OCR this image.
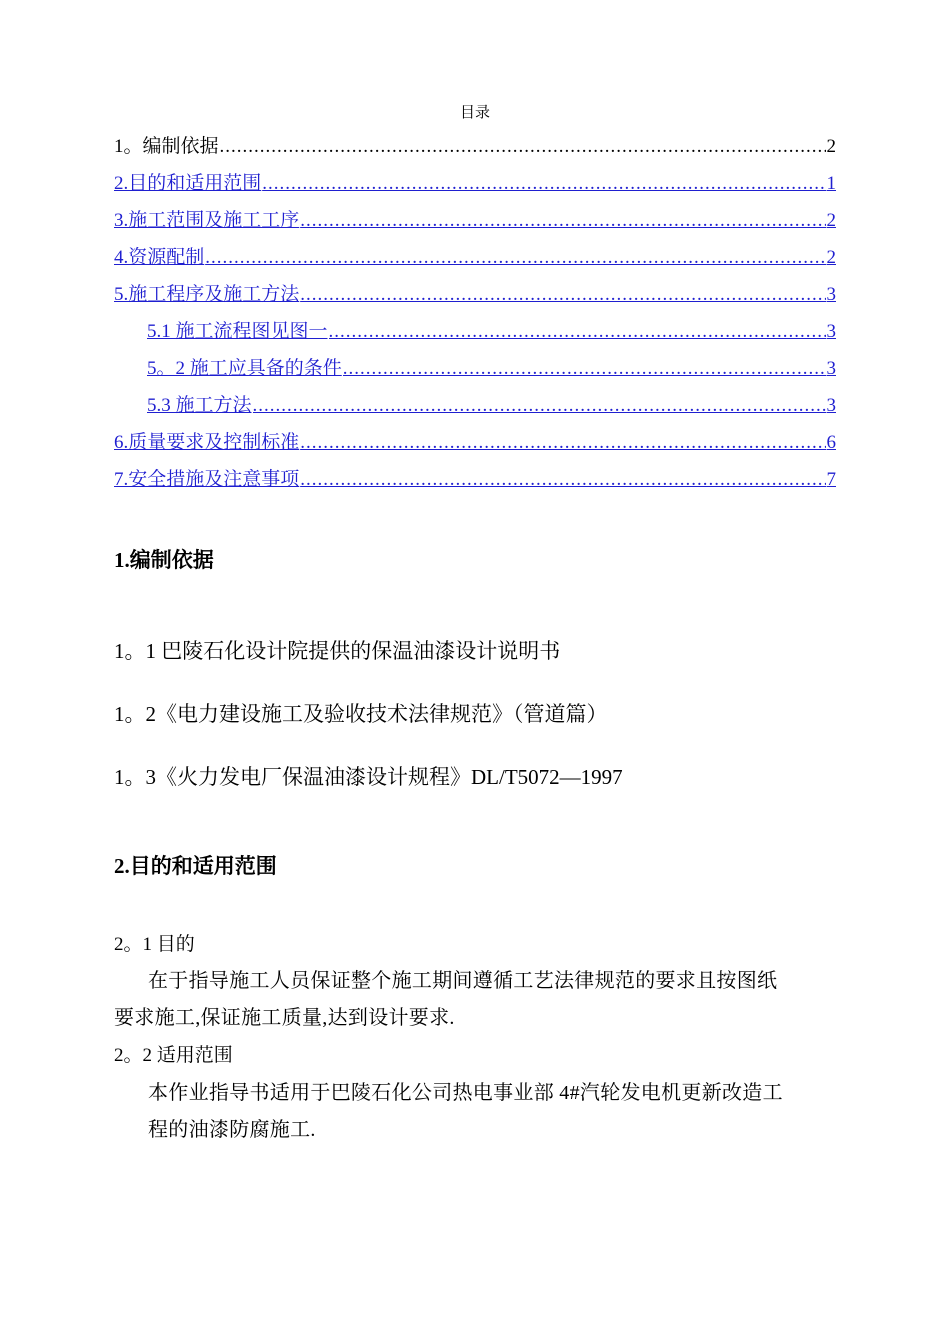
目录
1。编制依据 .....	2
2.目的和适用范围 .....	1
3.施工范围及施工工序 .....	2
4.资源配制 .....	2
5.施工程序及施工方法 .....	3
5.1 施工流程图见图一 .....	3
5。2 施工应具备的条件 .....	3
5.3 施工方法 .....	3
6.质量要求及控制标准 .....	6
7.安全措施及注意事项 .....	7
1.编制依据
1。1 巴陵石化设计院提供的保温油漆设计说明书
1。2《电力建设施工及验收技术法律规范》（管道篇）
1。3《火力发电厂保温油漆设计规程》DL/T5072—1997
2.目的和适用范围
2。1 目的
在于指导施工人员保证整个施工期间遵循工艺法律规范的要求且按图纸
要求施工,保证施工质量,达到设计要求.
2。2 适用范围
本作业指导书适用于巴陵石化公司热电事业部 4#汽轮发电机更新改造工
程的油漆防腐施工.
